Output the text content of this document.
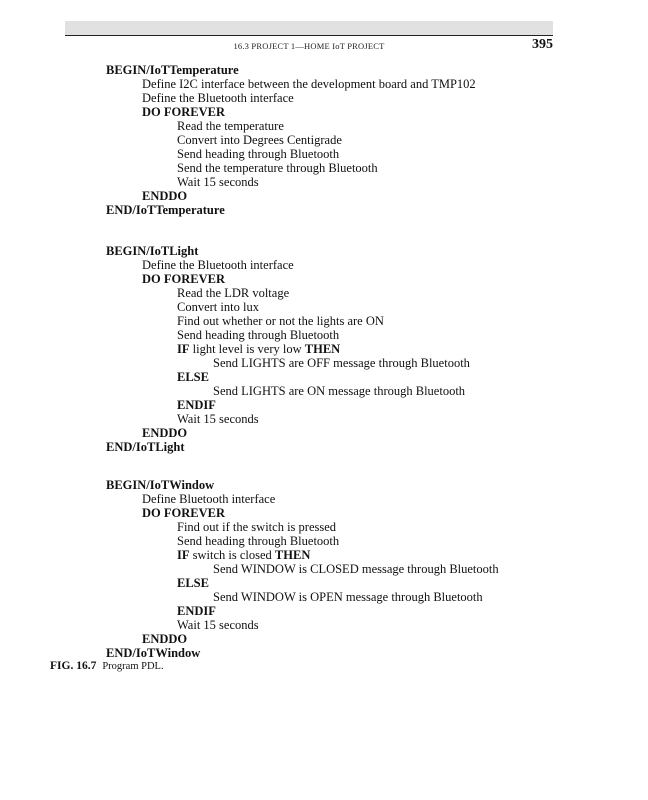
16.3 PROJECT 1—HOME IoT PROJECT	395
BEGIN/IoTTemperature
Define I2C interface between the development board and TMP102
Define the Bluetooth interface
DO FOREVER
Read the temperature
Convert into Degrees Centigrade
Send heading through Bluetooth
Send the temperature through Bluetooth
Wait 15 seconds
ENDDO
END/IoTTemperature
BEGIN/IoTLight
Define the Bluetooth interface
DO FOREVER
Read the LDR voltage
Convert into lux
Find out whether or not the lights are ON
Send heading through Bluetooth
IF light level is very low THEN
Send LIGHTS are OFF message through Bluetooth
ELSE
Send LIGHTS are ON message through Bluetooth
ENDIF
Wait 15 seconds
ENDDO
END/IoTLight
BEGIN/IoTWindow
Define Bluetooth interface
DO FOREVER
Find out if the switch is pressed
Send heading through Bluetooth
IF switch is closed THEN
Send WINDOW is CLOSED message through Bluetooth
ELSE
Send WINDOW is OPEN message through Bluetooth
ENDIF
Wait 15 seconds
ENDDO
END/IoTWindow
FIG. 16.7 Program PDL.
